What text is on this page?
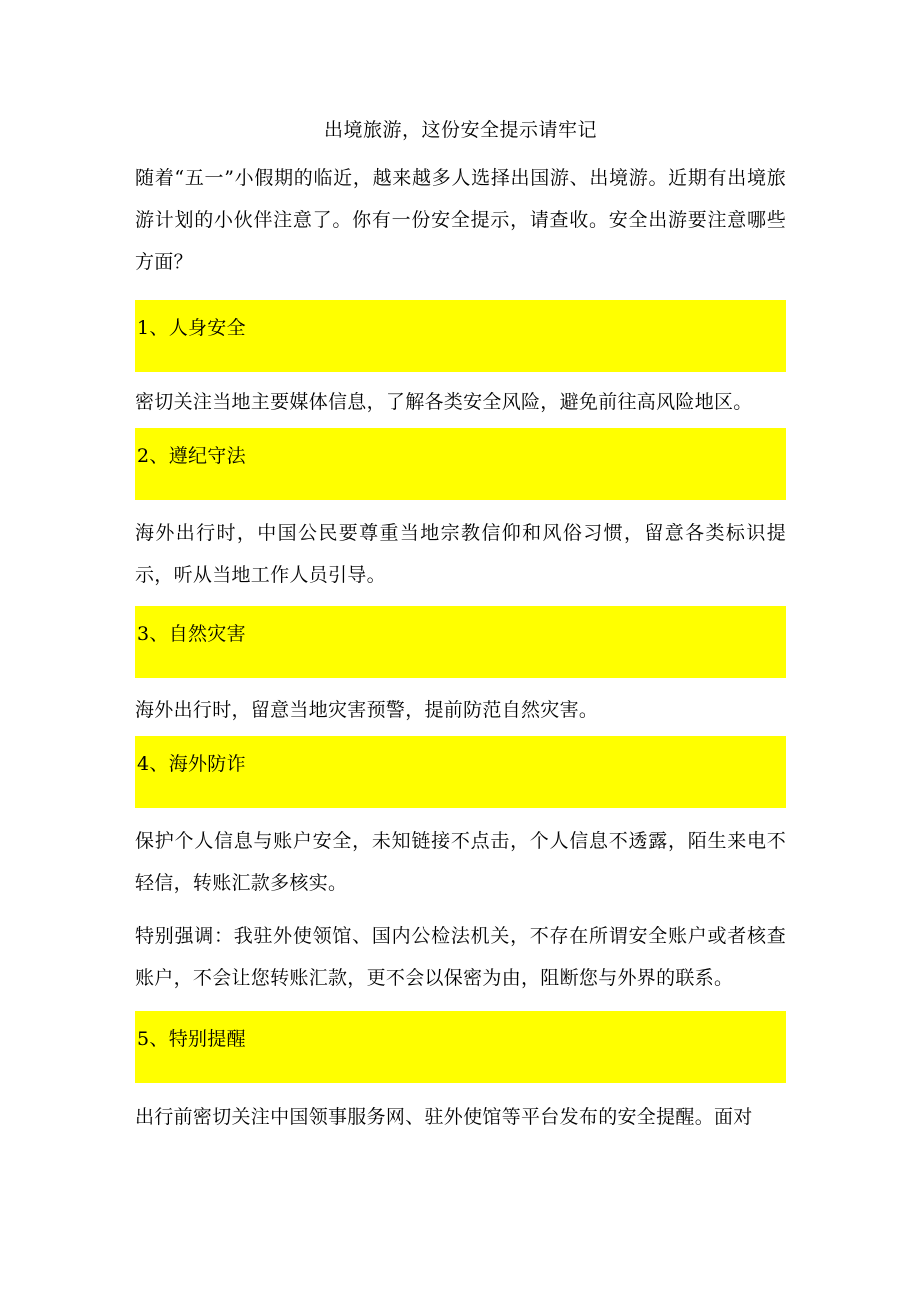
出境旅游，这份安全提示请牢记
随着“五一”小假期的临近，越来越多人选择出国游、出境游。近期有出境旅游计划的小伙伴注意了。你有一份安全提示，请查收。安全出游要注意哪些方面？
1、人身安全
密切关注当地主要媒体信息，了解各类安全风险，避免前往高风险地区。
2、遵纪守法
海外出行时，中国公民要尊重当地宗教信仰和风俗习惯，留意各类标识提示，听从当地工作人员引导。
3、自然灾害
海外出行时，留意当地灾害预警，提前防范自然灾害。
4、海外防诈
保护个人信息与账户安全，未知链接不点击，个人信息不透露，陌生来电不轻信，转账汇款多核实。
特别强调：我驻外使领馆、国内公检法机关，不存在所谓安全账户或者核查账户，不会让您转账汇款，更不会以保密为由，阻断您与外界的联系。
5、特别提醒
出行前密切关注中国领事服务网、驻外使馆等平台发布的安全提醒。面对
